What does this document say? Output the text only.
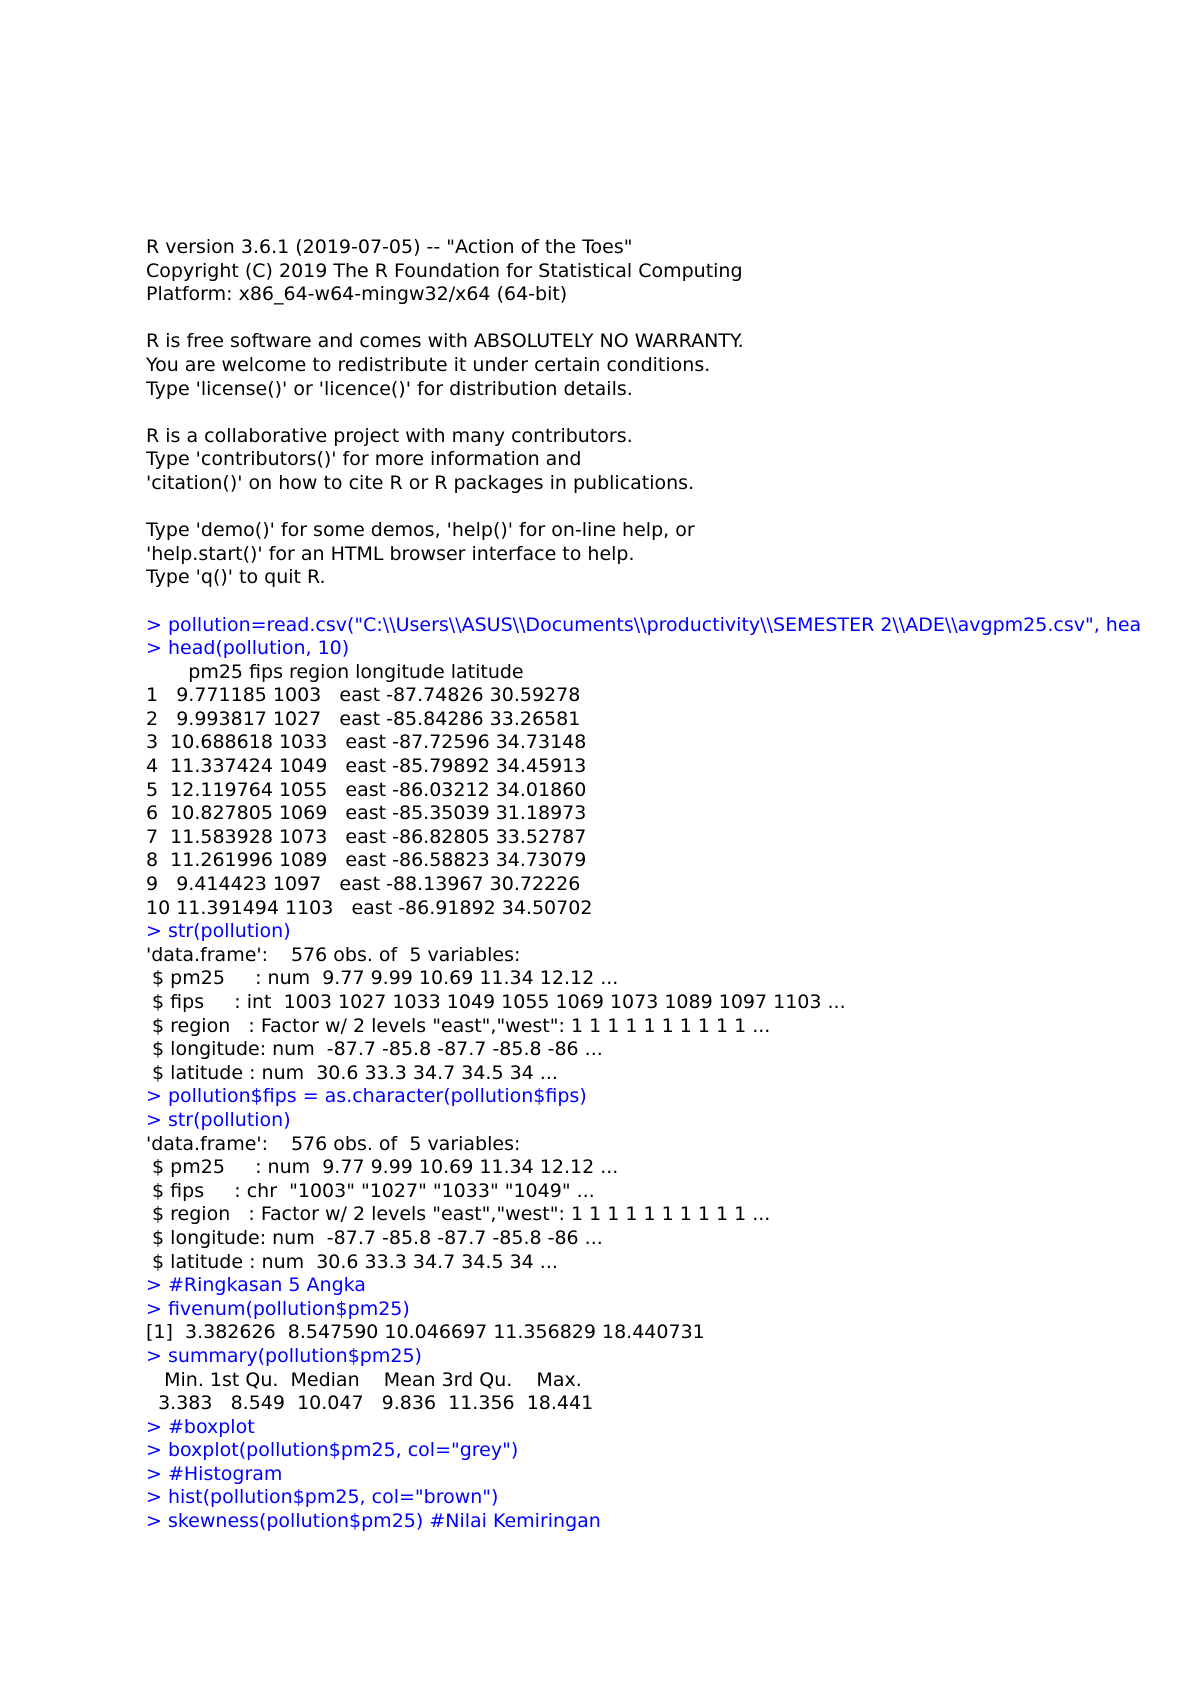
R version 3.6.1 (2019-07-05) -- "Action of the Toes"
Copyright (C) 2019 The R Foundation for Statistical Computing
Platform: x86_64-w64-mingw32/x64 (64-bit)
R is free software and comes with ABSOLUTELY NO WARRANTY.
You are welcome to redistribute it under certain conditions.
Type 'license()' or 'licence()' for distribution details.
R is a collaborative project with many contributors.
Type 'contributors()' for more information and
'citation()' on how to cite R or R packages in publications.
Type 'demo()' for some demos, 'help()' for on-line help, or
'help.start()' for an HTML browser interface to help.
Type 'q()' to quit R.
> pollution=read.csv("C:\\Users\\ASUS\\Documents\\productivity\\SEMESTER 2\\ADE\\avgpm25.csv", hea
> head(pollution, 10)
pm25 fips region longitude latitude
1   9.771185 1003   east -87.74826 30.59278
2   9.993817 1027   east -85.84286 33.26581
3  10.688618 1033   east -87.72596 34.73148
4  11.337424 1049   east -85.79892 34.45913
5  12.119764 1055   east -86.03212 34.01860
6  10.827805 1069   east -85.35039 31.18973
7  11.583928 1073   east -86.82805 33.52787
8  11.261996 1089   east -86.58823 34.73079
9   9.414423 1097   east -88.13967 30.72226
10 11.391494 1103   east -86.91892 34.50702
> str(pollution)
'data.frame':	576 obs. of  5 variables:
$ pm25     : num  9.77 9.99 10.69 11.34 12.12 ...
$ fips     : int  1003 1027 1033 1049 1055 1069 1073 1089 1097 1103 ...
$ region   : Factor w/ 2 levels "east","west": 1 1 1 1 1 1 1 1 1 1 ...
$ longitude: num  -87.7 -85.8 -87.7 -85.8 -86 ...
$ latitude : num  30.6 33.3 34.7 34.5 34 ...
> pollution$fips = as.character(pollution$fips)
> str(pollution)
'data.frame':	576 obs. of  5 variables:
$ pm25     : num  9.77 9.99 10.69 11.34 12.12 ...
$ fips     : chr  "1003" "1027" "1033" "1049" ...
$ region   : Factor w/ 2 levels "east","west": 1 1 1 1 1 1 1 1 1 1 ...
$ longitude: num  -87.7 -85.8 -87.7 -85.8 -86 ...
$ latitude : num  30.6 33.3 34.7 34.5 34 ...
> #Ringkasan 5 Angka
> fivenum(pollution$pm25)
[1]  3.382626  8.547590 10.046697 11.356829 18.440731
> summary(pollution$pm25)
Min. 1st Qu.  Median    Mean 3rd Qu.    Max.
3.383   8.549  10.047   9.836  11.356  18.441
> #boxplot
> boxplot(pollution$pm25, col="grey")
> #Histogram
> hist(pollution$pm25, col="brown")
> skewness(pollution$pm25) #Nilai Kemiringan
